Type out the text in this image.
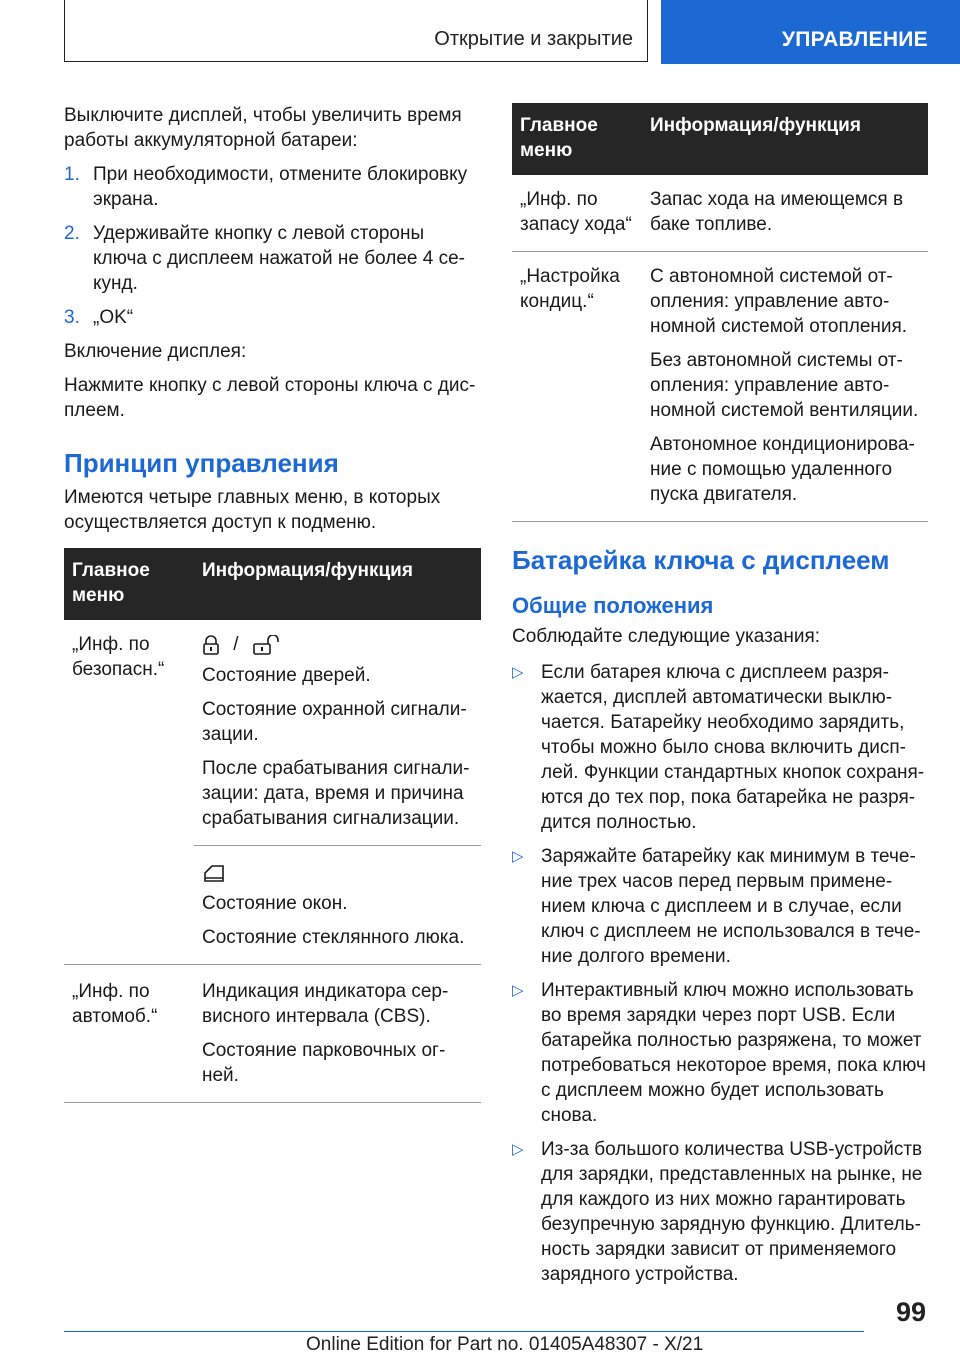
Открытие и закрытие	УПРАВЛЕНИЕ

Выключите дисплей, чтобы увеличить время работы аккумуляторной батареи:

1. При необходимости, отмените блокировку экрана.
2. Удерживайте кнопку с левой стороны ключа с дисплеем нажатой не более 4 секунд.
3. „OK“

Включение дисплея:

Нажмите кнопку с левой стороны ключа с дисплеем.

Принцип управления

Имеются четыре главных меню, в которых осуществляется доступ к подменю.

Главное меню	Информация/функция
„Инф. по безопасн.“	/

Состояние дверей.

Состояние охранной сигнализации.

После срабатывания сигнализации: дата, время и причина срабатывания сигнализации.

	Состояние окон.

Состояние стеклянного люка.

„Инф. по автомоб.“	Индикация индикатора сервисного интервала (CBS).

Состояние парковочных огней.

Главное меню	Информация/функция
„Инф. по запасу хода“	Запас хода на имеющемся в баке топливе.

„Настройка кондиц.“	С автономной системой отопления: управление автономной системой отопления.

Без автономной системы отопления: управление автономной системой вентиляции.

Автономное кондиционирование с помощью удаленного пуска двигателя.

Батарейка ключа с дисплеем
Общие положения

Соблюдайте следующие указания:

▷ Если батарея ключа с дисплеем разряжается, дисплей автоматически выключается. Батарейку необходимо зарядить, чтобы можно было снова включить дисплей. Функции стандартных кнопок сохраняются до тех пор, пока батарейка не разрядится полностью.
▷ Заряжайте батарейку как минимум в течение трех часов перед первым применением ключа с дисплеем и в случае, если ключ с дисплеем не использовался в течение долгого времени.
▷ Интерактивный ключ можно использовать во время зарядки через порт USB. Если батарейка полностью разряжена, то может потребоваться некоторое время, пока ключ с дисплеем можно будет использовать снова.
▷ Из-за большого количества USB-устройств для зарядки, представленных на рынке, не для каждого из них можно гарантировать безупречную зарядную функцию. Длительность зарядки зависит от применяемого зарядного устройства.
99
Online Edition for Part no. 01405A48307 - X/21
